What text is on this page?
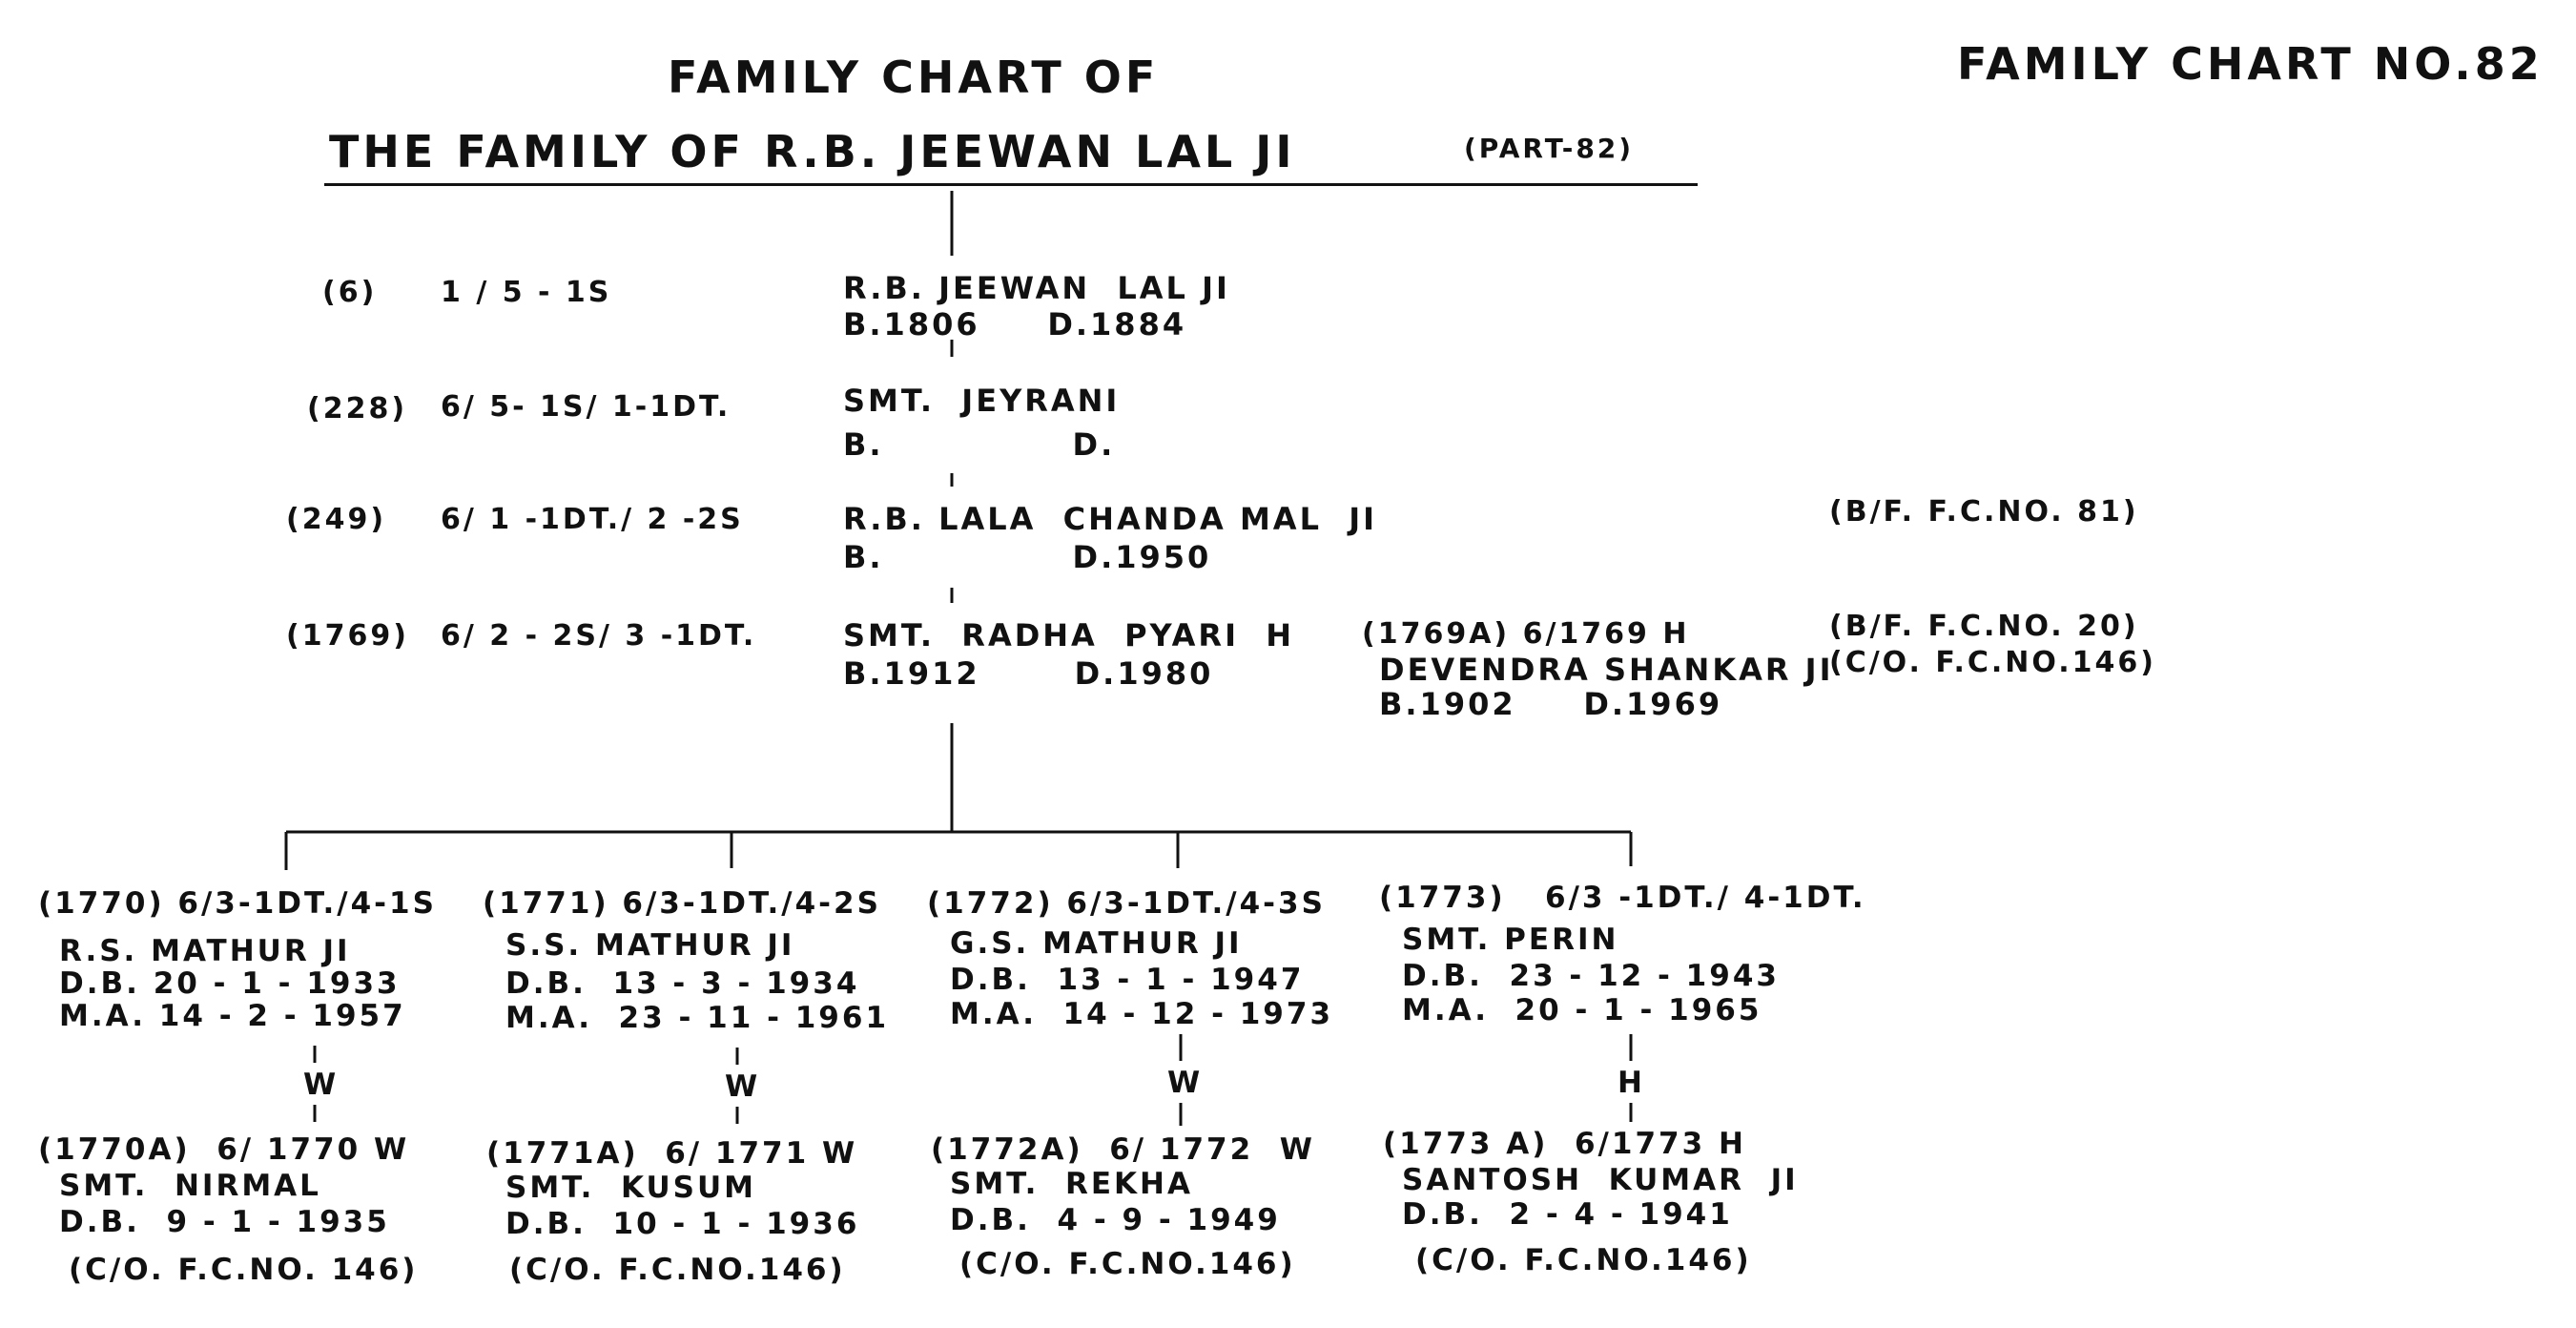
FAMILY CHART OF
THE FAMILY OF R.B. JEEWAN LAL JI	(PART-82)
FAMILY CHART NO.82
(6) 1 / 5 - 1S	R.B. JEEWAN  LAL JI
B.1806     D.1884
(228) 6/ 5- 1S/ 1-1DT.	SMT.  JEYRANI
B.              D.
(249) 6/ 1 -1DT./ 2 -2S	R.B. LALA  CHANDA MAL  JI
B.              D.1950
(B/F. F.C.NO. 81)
(1769) 6/ 2 - 2S/ 3 -1DT.	SMT.  RADHA  PYARI  H
B.1912       D.1980
(B/F. F.C.NO. 20)
(1769A) 6/1769 H
DEVENDRA SHANKAR JI
B.1902     D.1969
(C/O. F.C.NO.146)
(1770) 6/3-1DT./4-1S
R.S. MATHUR JI
D.B. 20 - 1 - 1933
M.A. 14 - 2 - 1957
W
(1770A)  6/ 1770 W
SMT.  NIRMAL
D.B.  9 - 1 - 1935
(C/O. F.C.NO. 146)
(1771) 6/3-1DT./4-2S
S.S. MATHUR JI
D.B.  13 - 3 - 1934
M.A.  23 - 11 - 1961
W
(1771A)  6/ 1771 W
SMT.  KUSUM
D.B.  10 - 1 - 1936
(C/O. F.C.NO.146)
(1772) 6/3-1DT./4-3S
G.S. MATHUR JI
D.B.  13 - 1 - 1947
M.A.  14 - 12 - 1973
W
(1772A)  6/ 1772  W
SMT.  REKHA
D.B.  4 - 9 - 1949
(C/O. F.C.NO.146)
(1773)   6/3 -1DT./ 4-1DT.
SMT. PERIN
D.B.  23 - 12 - 1943
M.A.  20 - 1 - 1965
H
(1773 A)  6/1773 H
SANTOSH  KUMAR  JI
D.B.  2 - 4 - 1941
(C/O. F.C.NO.146)
